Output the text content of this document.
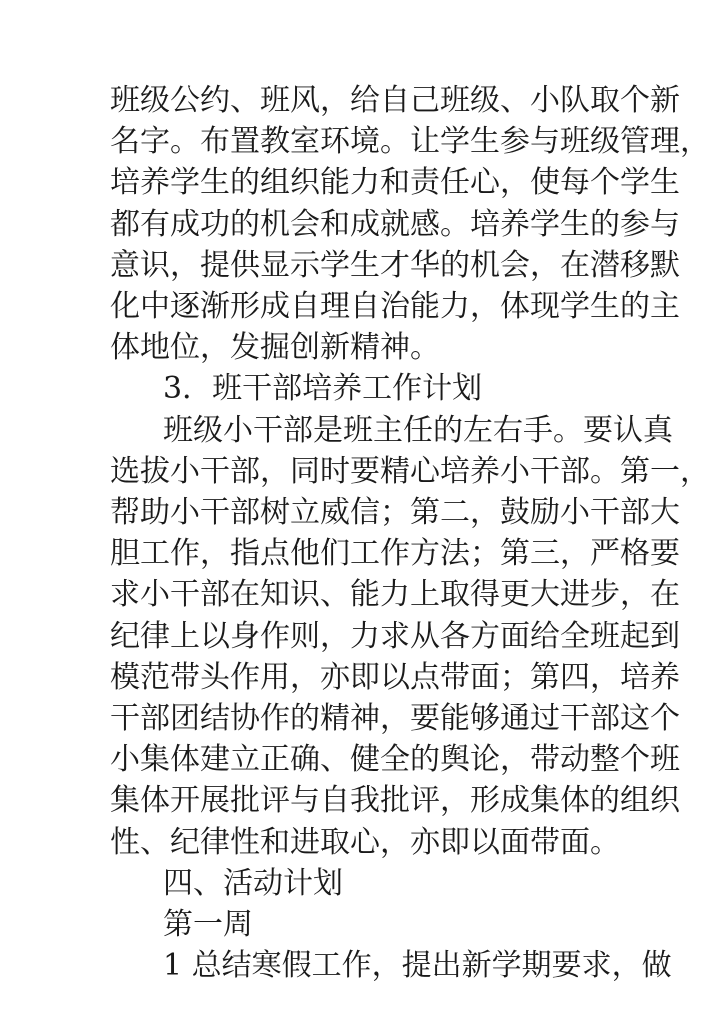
班级公约、班风，给自己班级、小队取个新
名字。布置教室环境。让学生参与班级管理，
培养学生的组织能力和责任心，使每个学生
都有成功的机会和成就感。培养学生的参与
意识，提供显示学生才华的机会，在潜移默
化中逐渐形成自理自治能力，体现学生的主
体地位，发掘创新精神。
3．班干部培养工作计划
班级小干部是班主任的左右手。要认真
选拔小干部，同时要精心培养小干部。第一，
帮助小干部树立威信；第二，鼓励小干部大
胆工作，指点他们工作方法；第三，严格要
求小干部在知识、能力上取得更大进步，在
纪律上以身作则，力求从各方面给全班起到
模范带头作用，亦即以点带面；第四，培养
干部团结协作的精神，要能够通过干部这个
小集体建立正确、健全的舆论，带动整个班
集体开展批评与自我批评，形成集体的组织
性、纪律性和进取心，亦即以面带面。
四、活动计划
第一周
1 总结寒假工作，提出新学期要求，做
